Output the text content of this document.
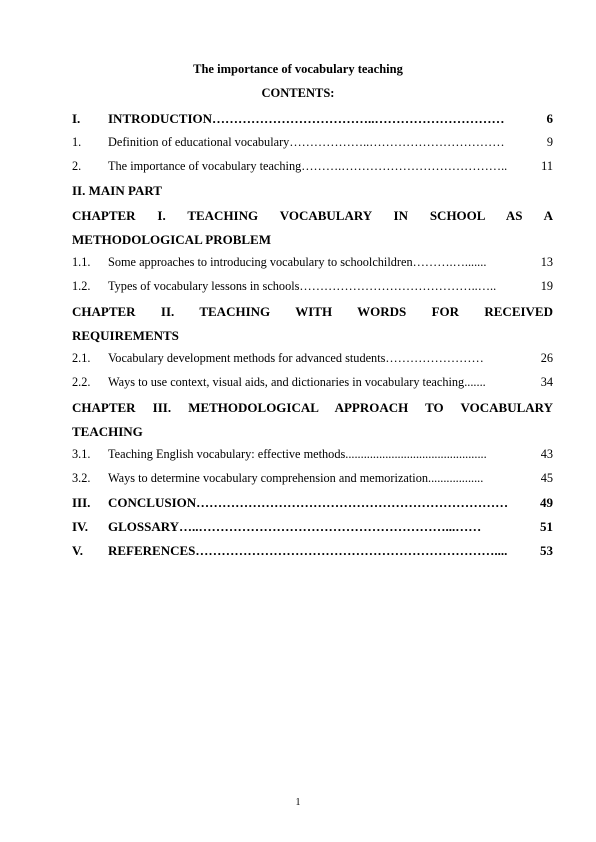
The importance of vocabulary teaching
CONTENTS:
I.	INTRODUCTION………………………………..…………………………	6
1.	Definition of educational vocabulary………………..……………………………	9
2.	The importance of vocabulary teaching……….…………………………………..	11
II. MAIN PART
CHAPTER I. TEACHING VOCABULARY IN SCHOOL AS A
METHODOLOGICAL PROBLEM
1.1.	Some approaches to introducing vocabulary to schoolchildren……….….......	13
1.2.	Types of vocabulary lessons in schools……………………………………..…..	19
CHAPTER II. TEACHING WITH WORDS FOR RECEIVED
REQUIREMENTS
2.1.	Vocabulary development methods for advanced students……………………	26
2.2.	Ways to use context, visual aids, and dictionaries in vocabulary teaching.......	34
CHAPTER III. METHODOLOGICAL APPROACH TO VOCABULARY
TEACHING
3.1.	Teaching English vocabulary: effective methods..............................................	43
3.2.	Ways to determine vocabulary comprehension and memorization..................	45
III.	CONCLUSION………………………………………………………………	49
IV.	GLOSSARY…..…………………………………………………...……	51
V.	REFERENCES……………………………………………………………....	53
1
